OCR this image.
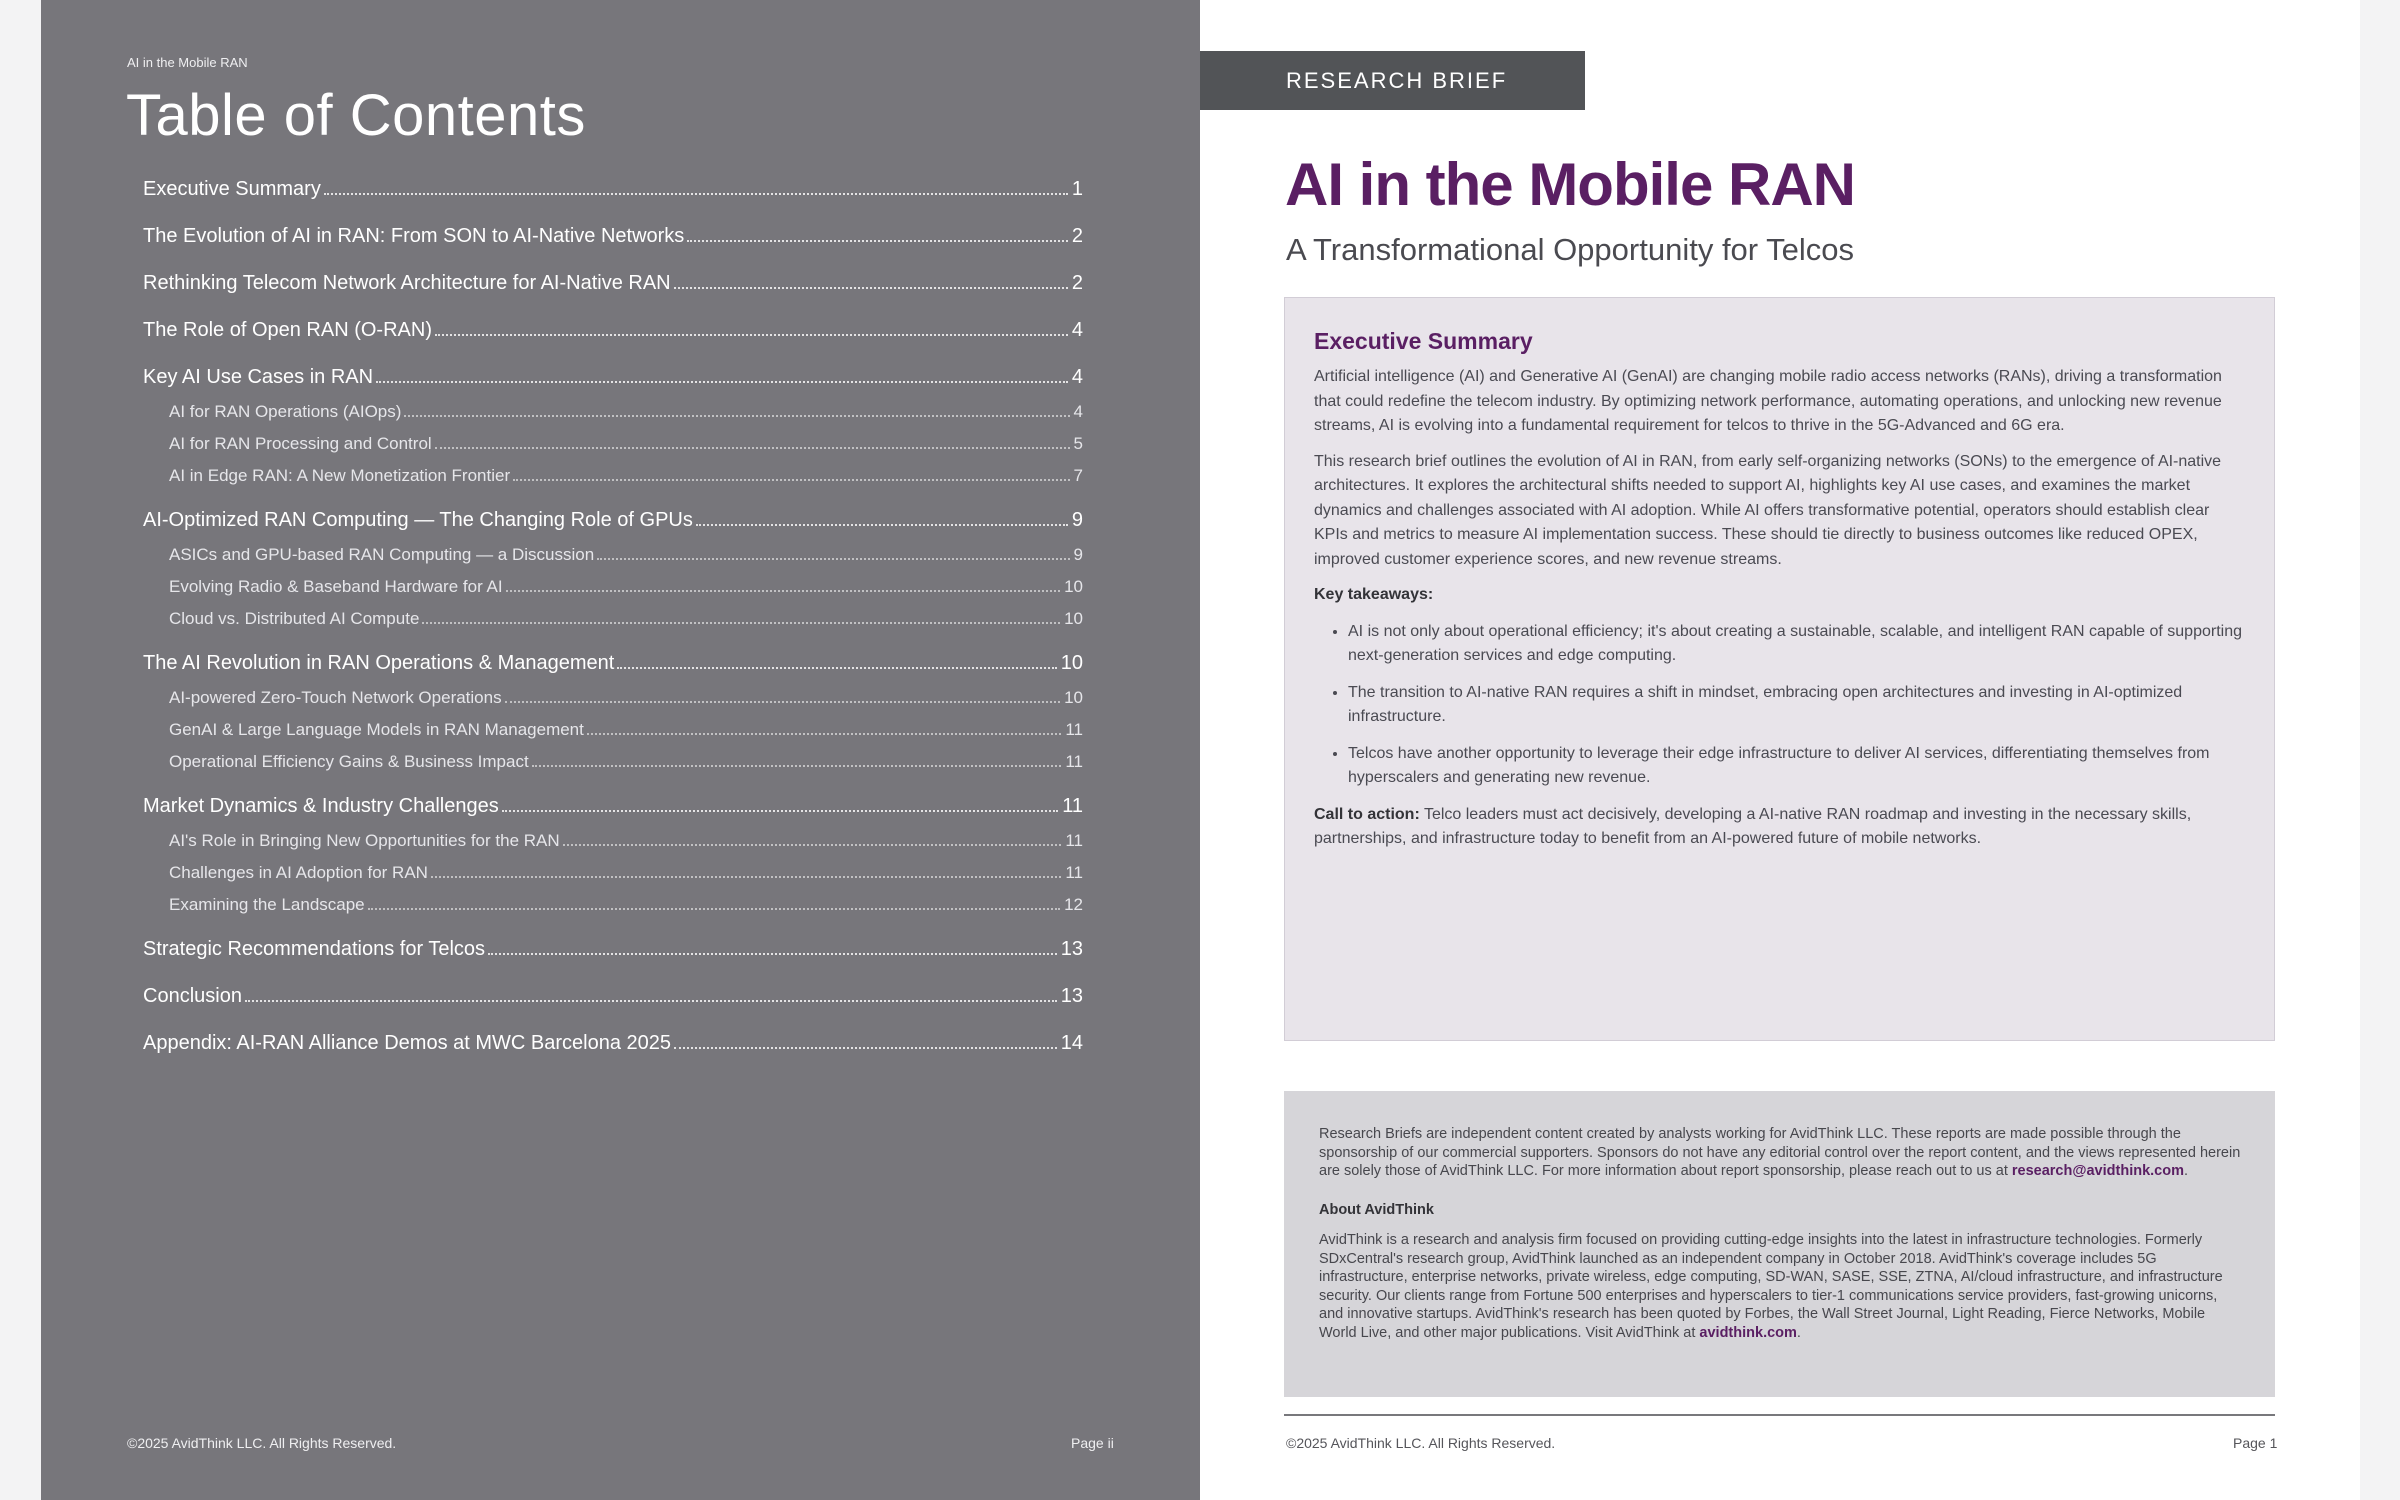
AI in the Mobile RAN
Table of Contents
Executive Summary	1
The Evolution of AI in RAN: From SON to AI-Native Networks	2
Rethinking Telecom Network Architecture for AI-Native RAN	2
The Role of Open RAN (O-RAN)	4
Key AI Use Cases in RAN	4
AI for RAN Operations (AIOps)	4
AI for RAN Processing and Control	5
AI in Edge RAN: A New Monetization Frontier	7
AI-Optimized RAN Computing — The Changing Role of GPUs	9
ASICs and GPU-based RAN Computing — a Discussion	9
Evolving Radio & Baseband Hardware for AI	10
Cloud vs. Distributed AI Compute	10
The AI Revolution in RAN Operations & Management	10
AI-powered Zero-Touch Network Operations	10
GenAI & Large Language Models in RAN Management	11
Operational Efficiency Gains & Business Impact	11
Market Dynamics & Industry Challenges	11
AI's Role in Bringing New Opportunities for the RAN	11
Challenges in AI Adoption for RAN	11
Examining the Landscape	12
Strategic Recommendations for Telcos	13
Conclusion	13
Appendix: AI-RAN Alliance Demos at MWC Barcelona 2025	14
©2025 AvidThink LLC. All Rights Reserved.	Page ii
RESEARCH BRIEF
AI in the Mobile RAN
A Transformational Opportunity for Telcos
Executive Summary

Artificial intelligence (AI) and Generative AI (GenAI) are changing mobile radio access networks (RANs), driving a transformation that could redefine the telecom industry. By optimizing network performance, automating operations, and unlocking new revenue streams, AI is evolving into a fundamental requirement for telcos to thrive in the 5G-Advanced and 6G era.

This research brief outlines the evolution of AI in RAN, from early self-organizing networks (SONs) to the emergence of AI-native architectures. It explores the architectural shifts needed to support AI, highlights key AI use cases, and examines the market dynamics and challenges associated with AI adoption. While AI offers transformative potential, operators should establish clear KPIs and metrics to measure AI implementation success. These should tie directly to business outcomes like reduced OPEX, improved customer experience scores, and new revenue streams.

Key takeaways:

• AI is not only about operational efficiency; it's about creating a sustainable, scalable, and intelligent RAN capable of supporting next-generation services and edge computing.
• The transition to AI-native RAN requires a shift in mindset, embracing open architectures and investing in AI-optimized infrastructure.
• Telcos have another opportunity to leverage their edge infrastructure to deliver AI services, differentiating themselves from hyperscalers and generating new revenue.

Call to action: Telco leaders must act decisively, developing a AI-native RAN roadmap and investing in the necessary skills, partnerships, and infrastructure today to benefit from an AI-powered future of mobile networks.

Research Briefs are independent content created by analysts working for AvidThink LLC. These reports are made possible through the sponsorship of our commercial supporters. Sponsors do not have any editorial control over the report content, and the views represented herein are solely those of AvidThink LLC. For more information about report sponsorship, please reach out to us at research@avidthink.com.

About AvidThink

AvidThink is a research and analysis firm focused on providing cutting-edge insights into the latest in infrastructure technologies. Formerly SDxCentral's research group, AvidThink launched as an independent company in October 2018. AvidThink's coverage includes 5G infrastructure, enterprise networks, private wireless, edge computing, SD-WAN, SASE, SSE, ZTNA, AI/cloud infrastructure, and infrastructure security. Our clients range from Fortune 500 enterprises and hyperscalers to tier-1 communications service providers, fast-growing unicorns, and innovative startups. AvidThink's research has been quoted by Forbes, the Wall Street Journal, Light Reading, Fierce Networks, Mobile World Live, and other major publications. Visit AvidThink at avidthink.com.

©2025 AvidThink LLC. All Rights Reserved.	Page 1
